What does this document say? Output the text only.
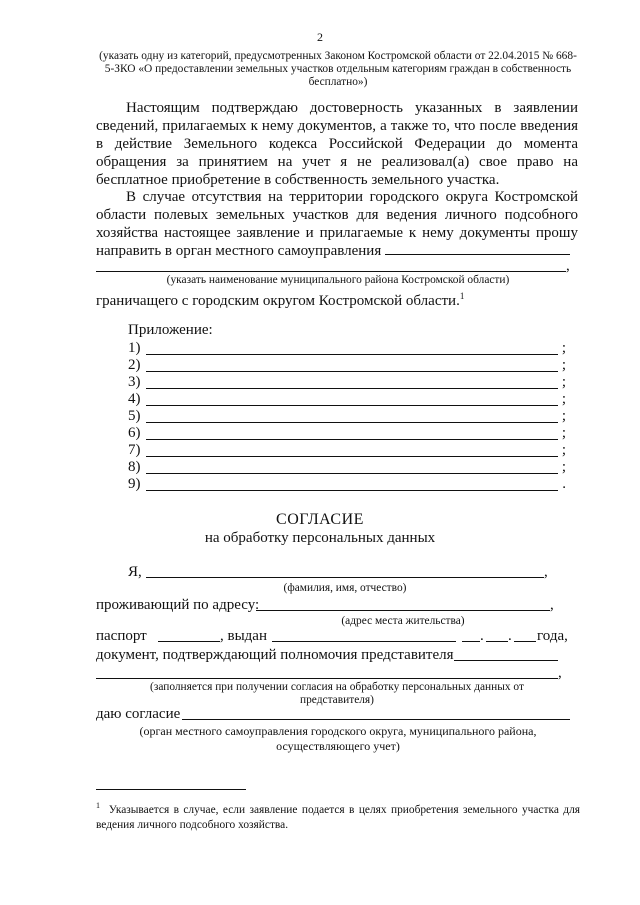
2
(указать одну из категорий, предусмотренных Законом Костромской области от 22.04.2015 № 668-5-ЗКО «О предоставлении земельных участков отдельным категориям граждан в собственность бесплатно»)
Настоящим подтверждаю достоверность указанных в заявлении сведений, прилагаемых к нему документов, а также то, что после введения в действие Земельного кодекса Российской Федерации до момента обращения за принятием на учет я не реализовал(а) свое право на бесплатное приобретение в собственность земельного участка.
В случае отсутствия на территории городского округа Костромской области полевых земельных участков для ведения личного подсобного хозяйства настоящее заявление и прилагаемые к нему документы прошу направить в орган местного самоуправления
,
(указать наименование муниципального района Костромской области)
граничащего с городским округом Костромской области.$^1$
Приложение:
1)	;
2)	;
3)	;
4)	;
5)	;
6)	;
7)	;
8)	;
9)	.
СОГЛАСИЕ
на обработку персональных данных
Я,	,
(фамилия, имя, отчество)
проживающий по адресу:	,
(адрес места жительства)
паспорт	, выдан	. . года,
документ, подтверждающий полномочия представителя
,
(заполняется при получении согласия на обработку персональных данных от представителя)
даю согласие
(орган местного самоуправления городского округа, муниципального района, осуществляющего учет)
$^1$ Указывается в случае, если заявление подается в целях приобретения земельного участка для ведения личного подсобного хозяйства.
